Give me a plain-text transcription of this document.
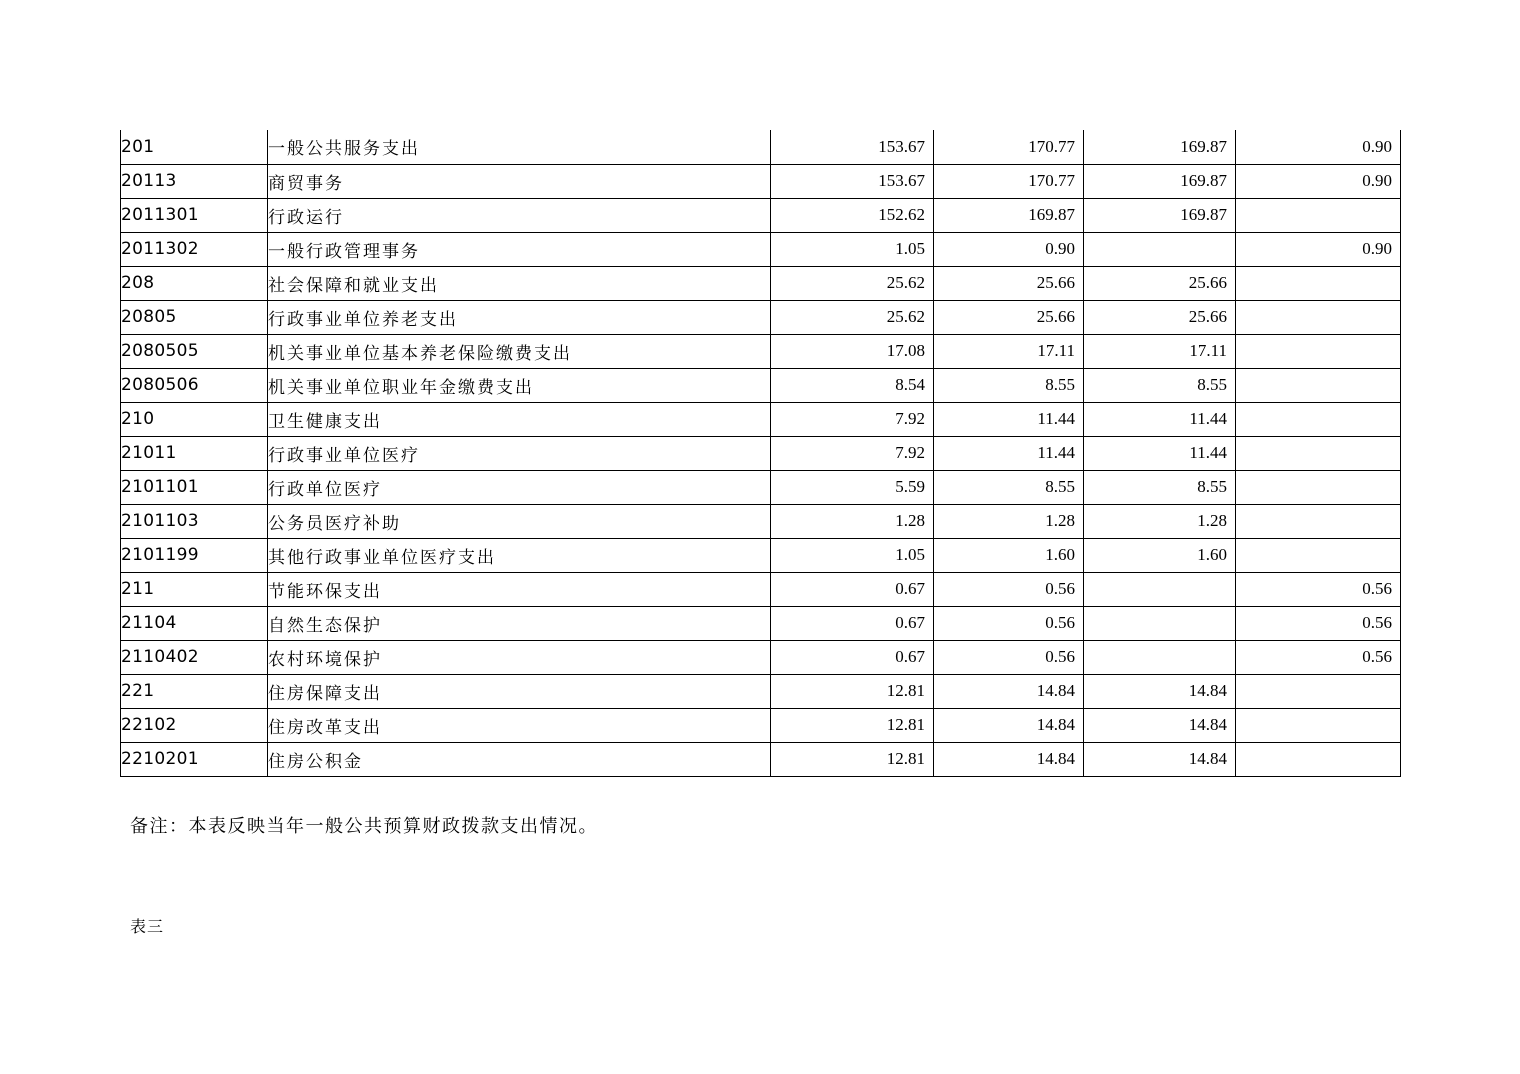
201	一般公共服务支出	153.67	170.77	169.87	0.90
20113	商贸事务	153.67	170.77	169.87	0.90
2011301	行政运行	152.62	169.87	169.87	
2011302	一般行政管理事务	1.05	0.90		0.90
208	社会保障和就业支出	25.62	25.66	25.66	
20805	行政事业单位养老支出	25.62	25.66	25.66	
2080505	机关事业单位基本养老保险缴费支出	17.08	17.11	17.11	
2080506	机关事业单位职业年金缴费支出	8.54	8.55	8.55	
210	卫生健康支出	7.92	11.44	11.44	
21011	行政事业单位医疗	7.92	11.44	11.44	
2101101	行政单位医疗	5.59	8.55	8.55	
2101103	公务员医疗补助	1.28	1.28	1.28	
2101199	其他行政事业单位医疗支出	1.05	1.60	1.60	
211	节能环保支出	0.67	0.56		0.56
21104	自然生态保护	0.67	0.56		0.56
2110402	农村环境保护	0.67	0.56		0.56
221	住房保障支出	12.81	14.84	14.84	
22102	住房改革支出	12.81	14.84	14.84	
2210201	住房公积金	12.81	14.84	14.84	

备注：本表反映当年一般公共预算财政拨款支出情况。

表三
